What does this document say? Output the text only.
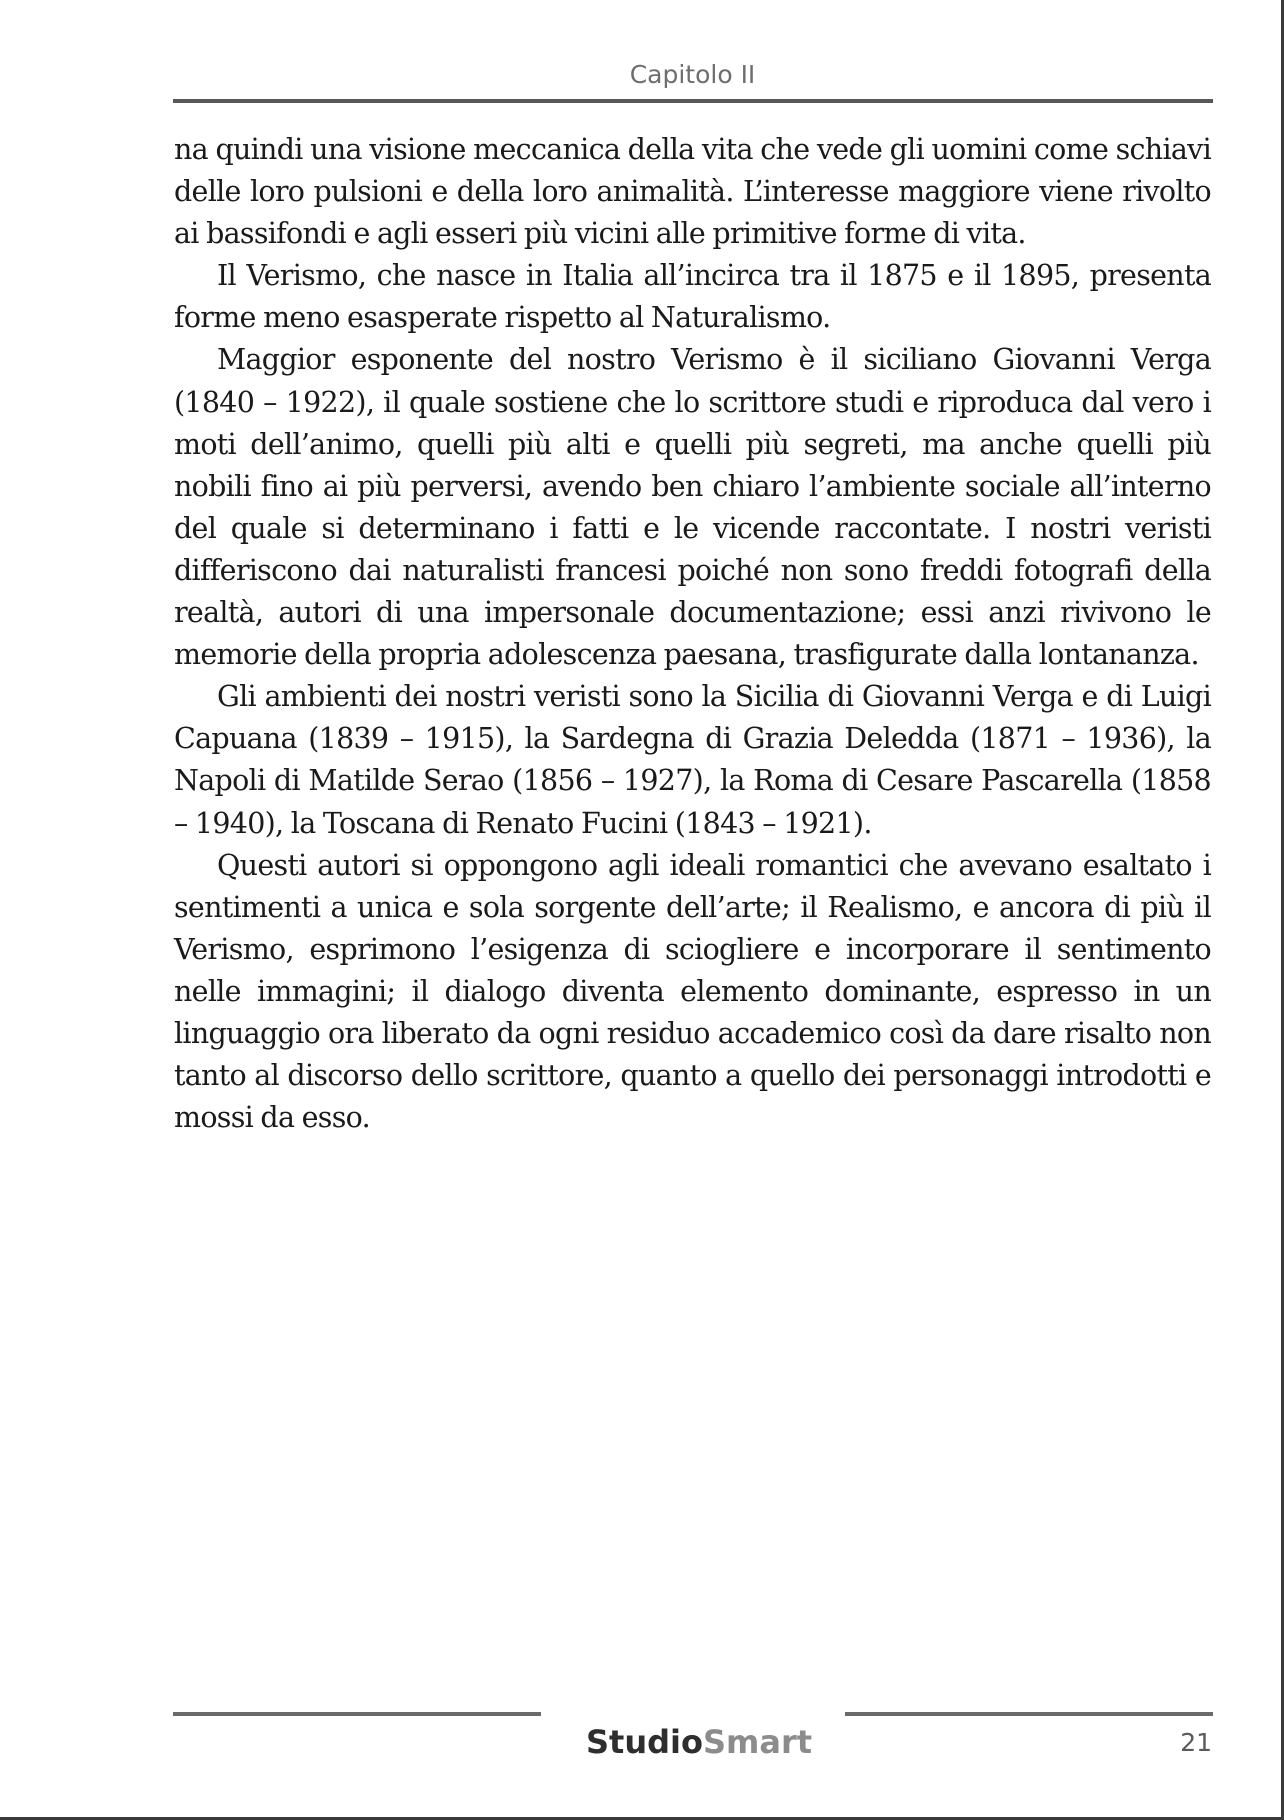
Capitolo II

na quindi una visione meccanica della vita che vede gli uomini come schiavi delle loro pulsioni e della loro animalità. L’interesse maggiore viene rivolto ai bassifondi e agli esseri più vicini alle primitive forme di vita.

Il Verismo, che nasce in Italia all’incirca tra il 1875 e il 1895, presenta forme meno esasperate rispetto al Naturalismo.

Maggior esponente del nostro Verismo è il siciliano Giovanni Verga (1840 – 1922), il quale sostiene che lo scrittore studi e riproduca dal vero i moti dell’animo, quelli più alti e quelli più segreti, ma anche quelli più nobili fino ai più perversi, avendo ben chiaro l’ambiente sociale all’interno del quale si determinano i fatti e le vicende raccontate. I nostri veristi differiscono dai naturalisti francesi poiché non sono freddi fotografi della realtà, autori di una impersonale documentazione; essi anzi rivivono le memorie della propria adolescenza paesana, trasfigurate dalla lontananza.

Gli ambienti dei nostri veristi sono la Sicilia di Giovanni Verga e di Luigi Capuana (1839 – 1915), la Sardegna di Grazia Deledda (1871 – 1936), la Napoli di Matilde Serao (1856 – 1927), la Roma di Cesare Pascarella (1858 – 1940), la Toscana di Renato Fucini (1843 – 1921).

Questi autori si oppongono agli ideali romantici che avevano esaltato i sentimenti a unica e sola sorgente dell’arte; il Realismo, e ancora di più il Verismo, esprimono l’esigenza di sciogliere e incorporare il sentimento nelle immagini; il dialogo diventa elemento dominante, espresso in un linguaggio ora liberato da ogni residuo accademico così da dare risalto non tanto al discorso dello scrittore, quanto a quello dei personaggi introdotti e mossi da esso.

StudioSmart	21
